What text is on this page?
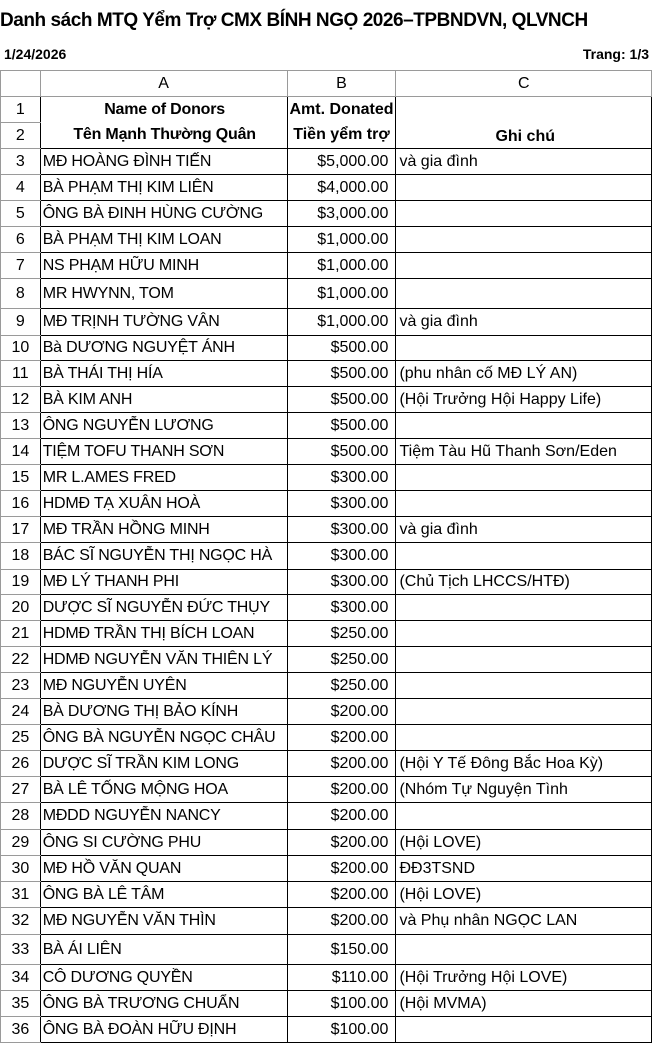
Danh sách MTQ Yểm Trợ CMX BÍNH NGỌ 2026–TPBNDVN, QLVNCH
1/24/2026	Trang: 1/3
	A	B	C
1	Name of Donors	Amt. Donated	Ghi chú
2	Tên Mạnh Thường Quân	Tiền yểm trợ	
3	MĐ HOÀNG ĐÌNH TIẾN	$5,000.00	và gia đình
4	BÀ PHẠM THỊ KIM LIÊN	$4,000.00	
5	ÔNG BÀ ĐINH HÙNG CƯỜNG	$3,000.00	
6	BÀ PHẠM THỊ KIM LOAN	$1,000.00	
7	NS PHẠM HỮU MINH	$1,000.00	
8	MR HWYNN, TOM	$1,000.00	
9	MĐ TRỊNH TƯỜNG VÂN	$1,000.00	và gia đình
10	Bà DƯƠNG NGUYỆT ÁNH	$500.00	
11	BÀ THÁI THỊ HÍA	$500.00	(phu nhân cố MĐ LÝ AN)
12	BÀ KIM ANH	$500.00	(Hội Trưởng Hội Happy Life)
13	ÔNG NGUYỄN LƯƠNG	$500.00	
14	TIỆM TOFU THANH SƠN	$500.00	Tiệm Tàu Hũ Thanh Sơn/Eden
15	MR L.AMES FRED	$300.00	
16	HDMĐ TẠ XUÂN HOÀ	$300.00	
17	MĐ TRẦN HỒNG MINH	$300.00	và gia đình
18	BÁC SĨ NGUYỄN THỊ NGỌC HÀ	$300.00	
19	MĐ LÝ THANH PHI	$300.00	(Chủ Tịch LHCCS/HTĐ)
20	DƯỢC SĨ NGUYỄN ĐỨC THỤY	$300.00	
21	HDMĐ TRẦN THỊ BÍCH LOAN	$250.00	
22	HDMĐ NGUYỄN VĂN THIÊN LÝ	$250.00	
23	MĐ NGUYỄN UYÊN	$250.00	
24	BÀ DƯƠNG THỊ BẢO KÍNH	$200.00	
25	ÔNG BÀ NGUYỄN NGỌC CHÂU	$200.00	
26	DƯỢC SĨ TRẦN KIM LONG	$200.00	(Hội Y Tế Đông Bắc Hoa Kỳ)
27	BÀ LÊ TỐNG MỘNG HOA	$200.00	(Nhóm Tự Nguyện Tình
28	MĐDD NGUYỄN NANCY	$200.00	
29	ÔNG SI CƯỜNG PHU	$200.00	(Hội LOVE)
30	MĐ HỒ VĂN QUAN	$200.00	ĐĐ3TSND
31	ÔNG BÀ LÊ TÂM	$200.00	(Hội LOVE)
32	MĐ NGUYỄN VĂN THÌN	$200.00	và Phụ nhân NGỌC LAN
33	BÀ ÁI LIÊN	$150.00	
34	CÔ DƯƠNG QUYỀN	$110.00	(Hội Trưởng Hội LOVE)
35	ÔNG BÀ TRƯƠNG CHUẨN	$100.00	(Hội MVMA)
36	ÔNG BÀ ĐOÀN HỮU ĐỊNH	$100.00	
